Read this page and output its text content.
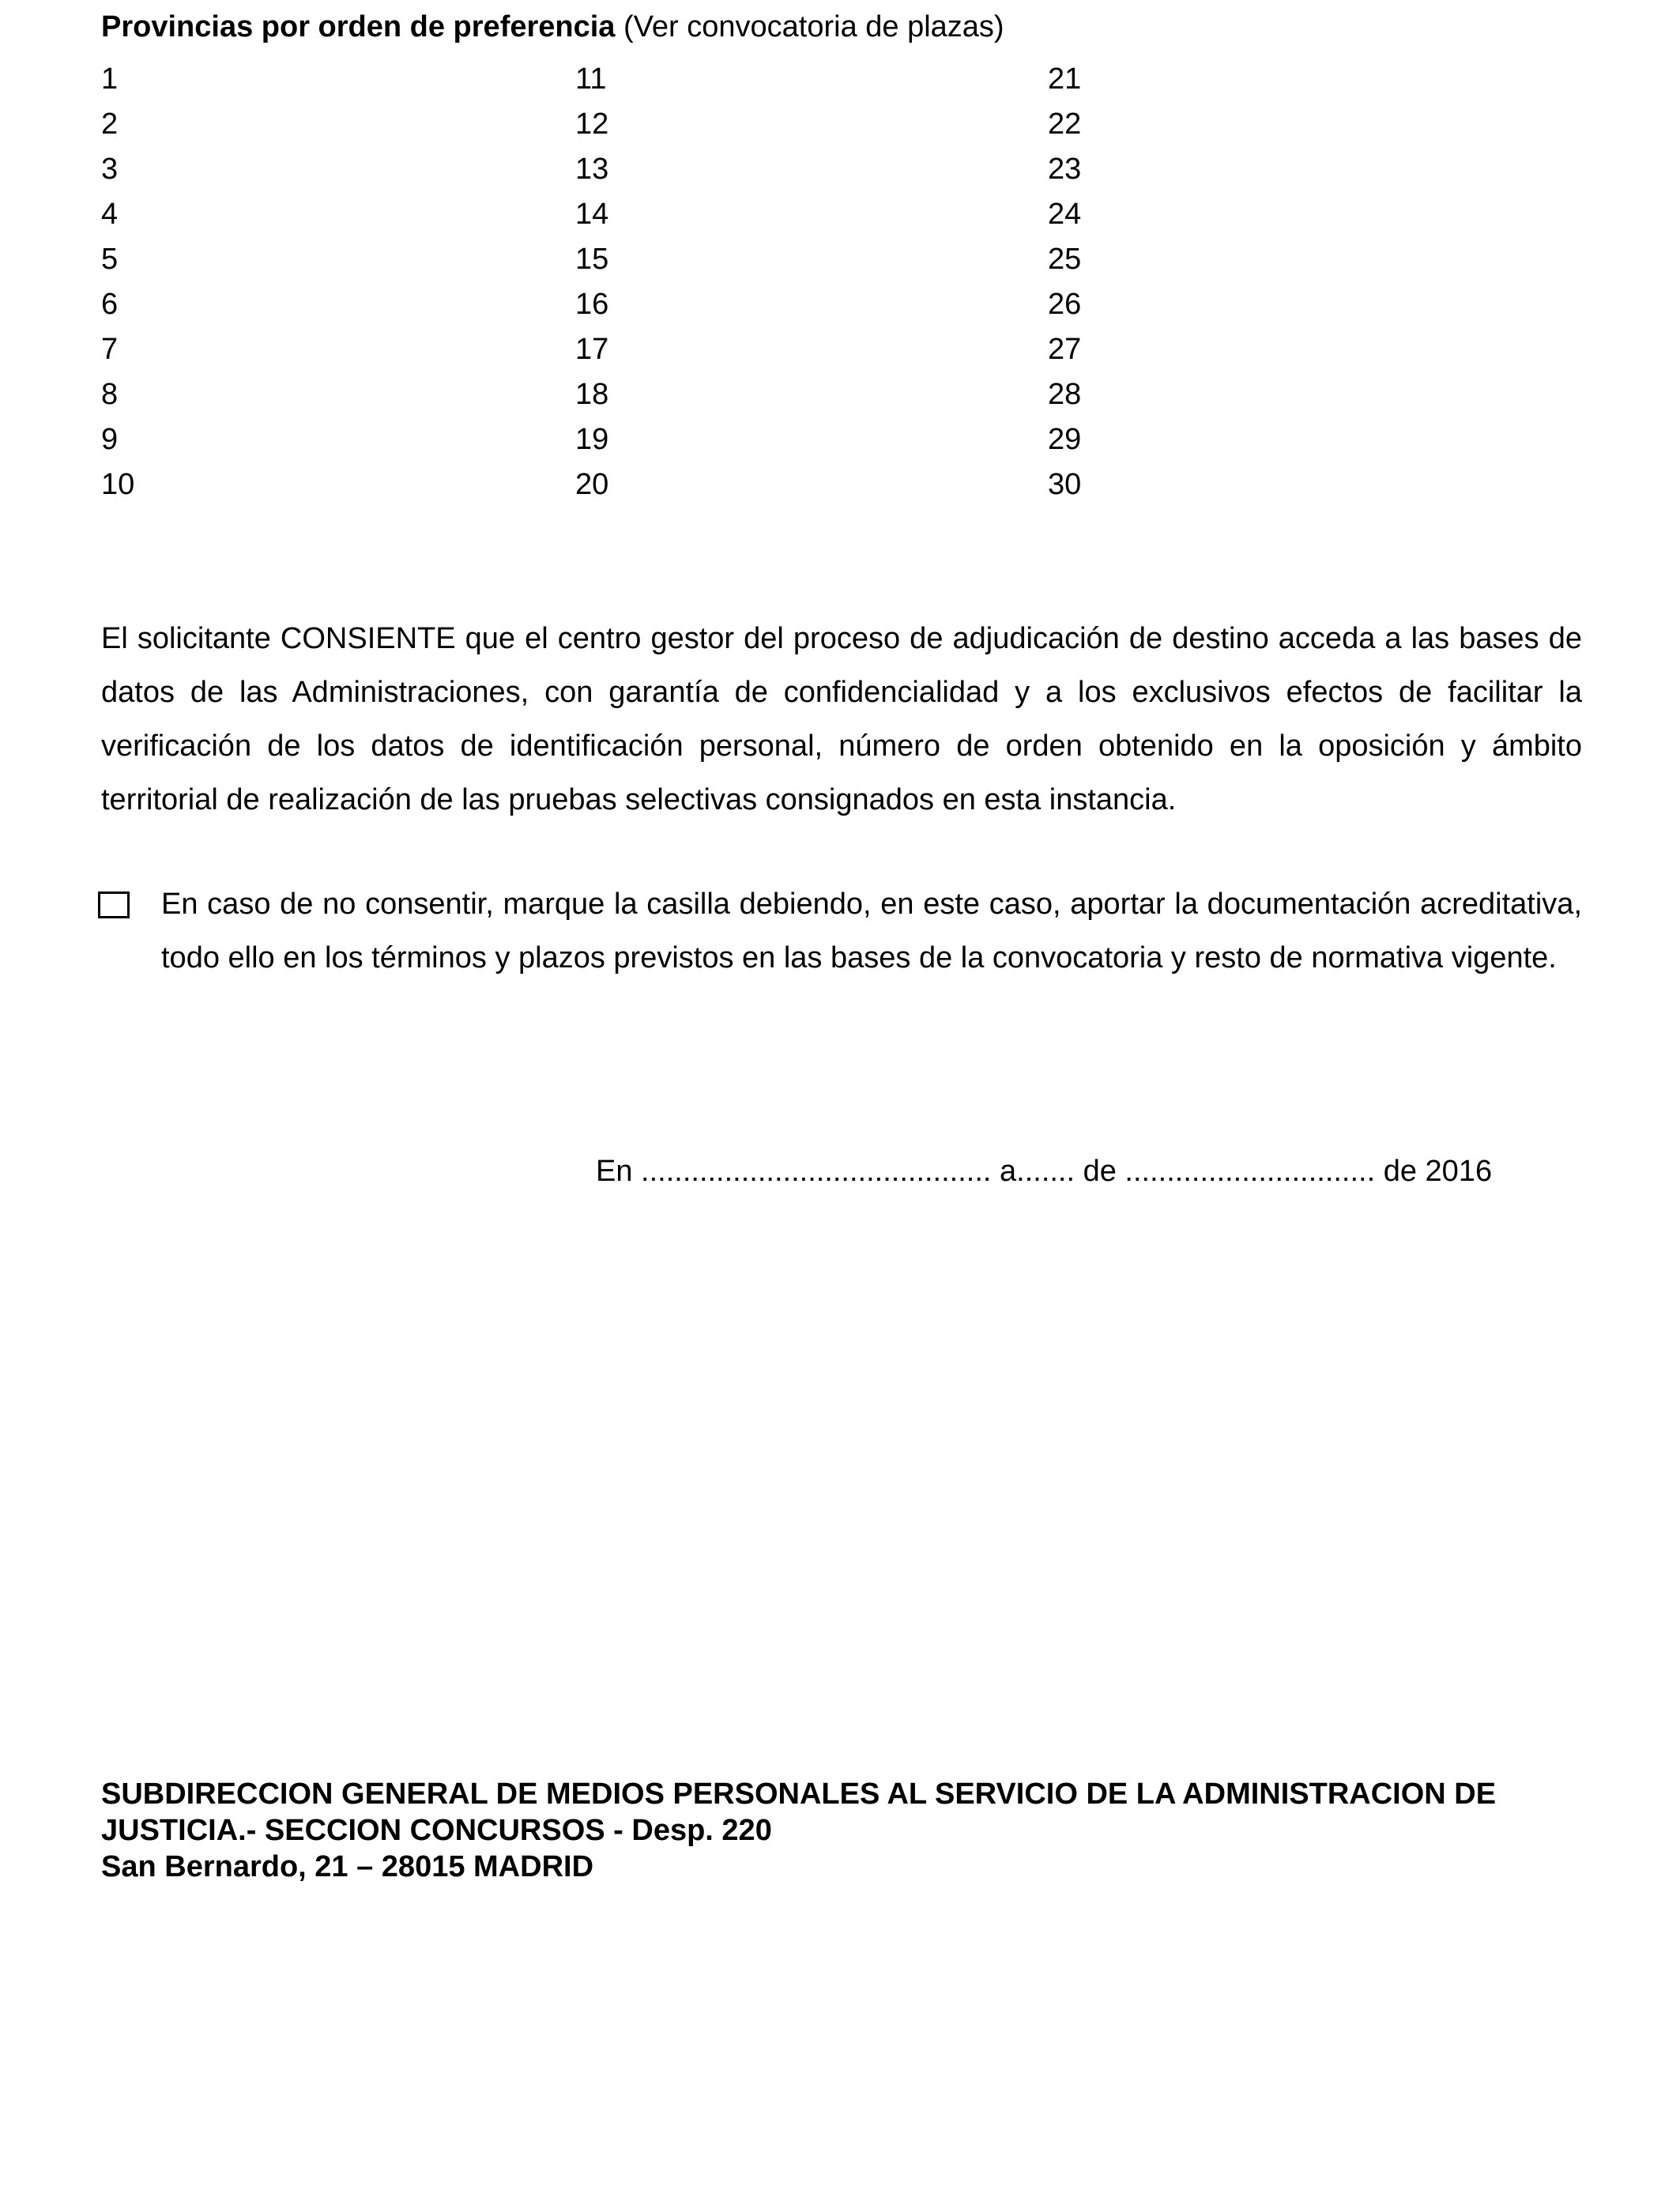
Provincias por orden de preferencia (Ver convocatoria de plazas)
1
2
3
4
5
6
7
8
9
10
11
12
13
14
15
16
17
18
19
20
21
22
23
24
25
26
27
28
29
30

El solicitante CONSIENTE que el centro gestor del proceso de adjudicación de destino acceda a las bases de datos de las Administraciones, con garantía de confidencialidad y a los exclusivos efectos de facilitar la verificación de los datos de identificación personal, número de orden obtenido en la oposición y ámbito territorial de realización de las pruebas selectivas consignados en esta instancia.

En caso de no consentir, marque la casilla debiendo, en este caso, aportar la documentación acreditativa, todo ello en los términos y plazos previstos en las bases de la convocatoria y resto de normativa vigente.

En .......................................... a....... de .............................. de 2016
SUBDIRECCION GENERAL DE MEDIOS PERSONALES AL SERVICIO DE LA ADMINISTRACION DE
JUSTICIA.- SECCION CONCURSOS - Desp. 220
San Bernardo, 21 – 28015 MADRID
